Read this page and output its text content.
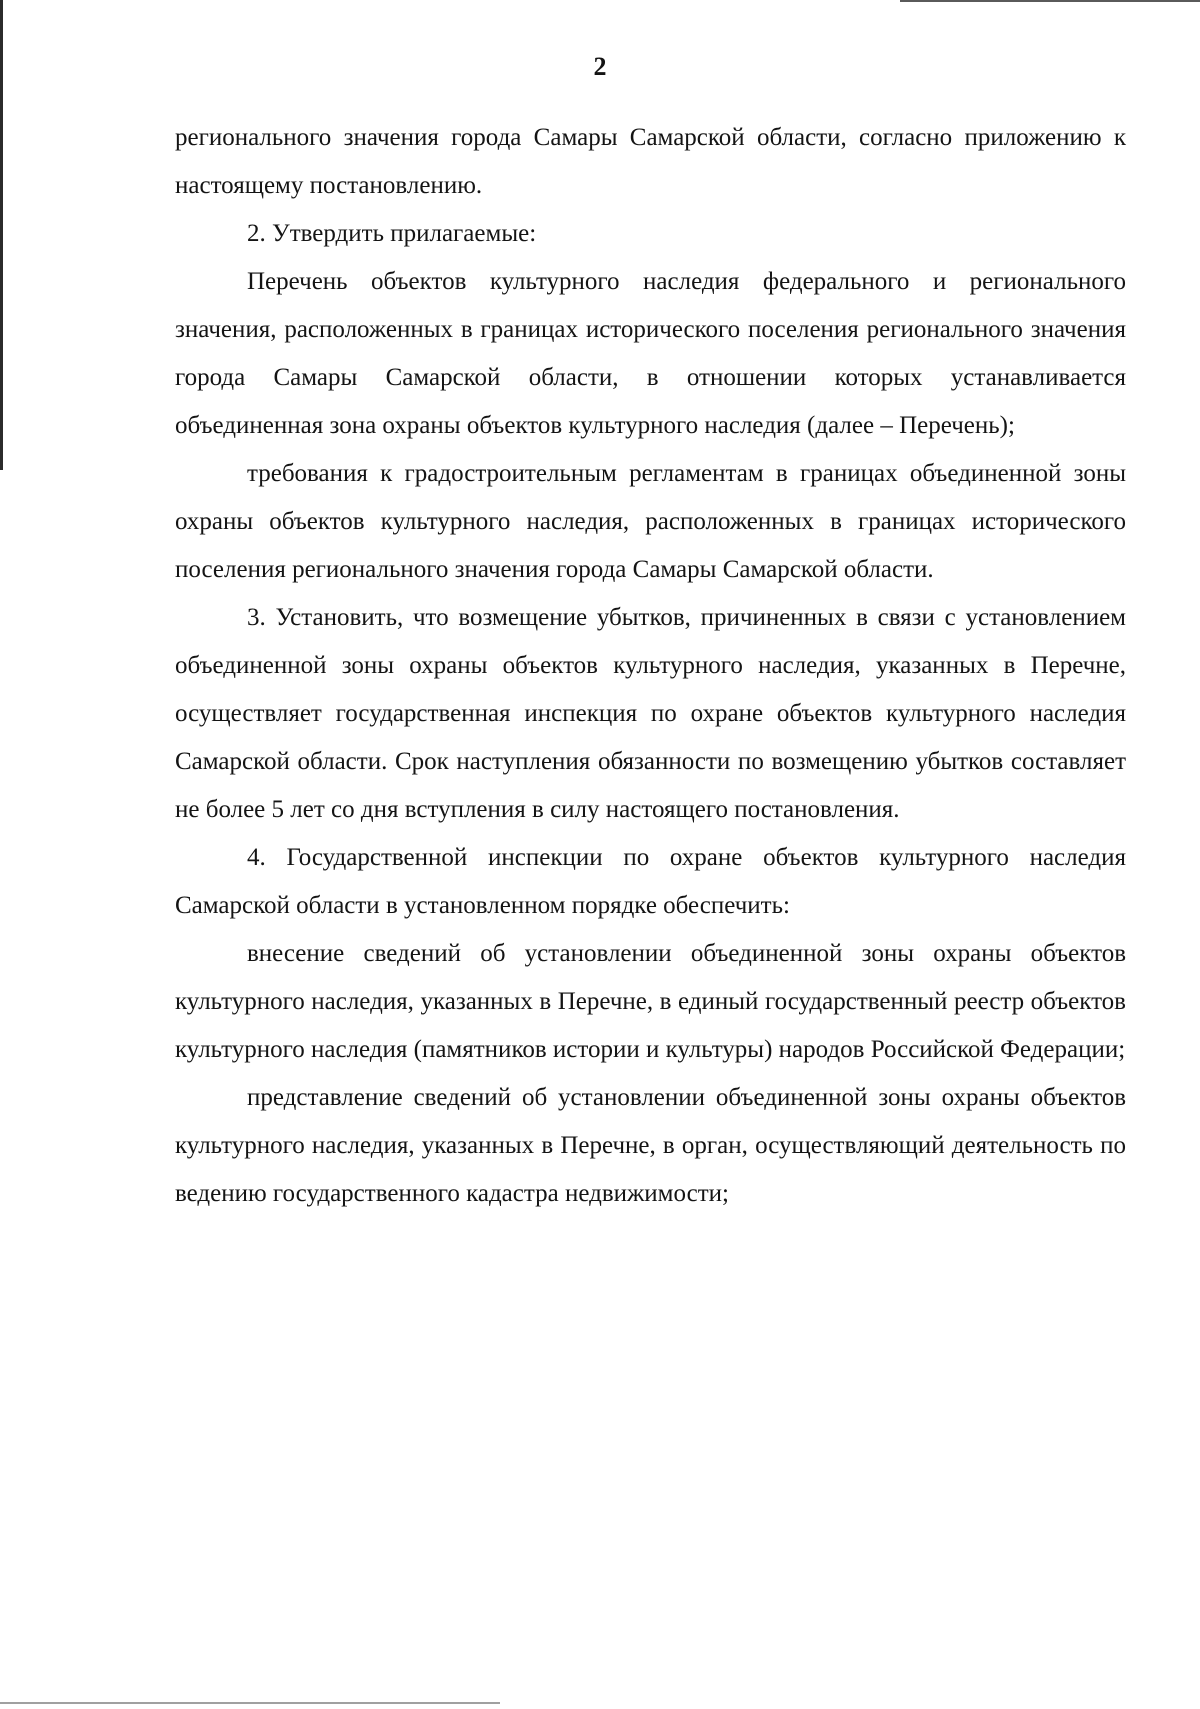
2

регионального значения города Самары Самарской области, согласно приложению к настоящему постановлению.

2. Утвердить прилагаемые:

Перечень объектов культурного наследия федерального и регионального значения, расположенных в границах исторического поселения регионального значения города Самары Самарской области, в отношении которых устанавливается объединенная зона охраны объектов культурного наследия (далее – Перечень);

требования к градостроительным регламентам в границах объединенной зоны охраны объектов культурного наследия, расположенных в границах исторического поселения регионального значения города Самары Самарской области.

3. Установить, что возмещение убытков, причиненных в связи с установлением объединенной зоны охраны объектов культурного наследия, указанных в Перечне, осуществляет государственная инспекция по охране объектов культурного наследия Самарской области. Срок наступления обязанности по возмещению убытков составляет не более 5 лет со дня вступления в силу настоящего постановления.

4. Государственной инспекции по охране объектов культурного наследия Самарской области в установленном порядке обеспечить:

внесение сведений об установлении объединенной зоны охраны объектов культурного наследия, указанных в Перечне, в единый государственный реестр объектов культурного наследия (памятников истории и культуры) народов Российской Федерации;

представление сведений об установлении объединенной зоны охраны объектов культурного наследия, указанных в Перечне, в орган, осуществляющий деятельность по ведению государственного кадастра недвижимости;
